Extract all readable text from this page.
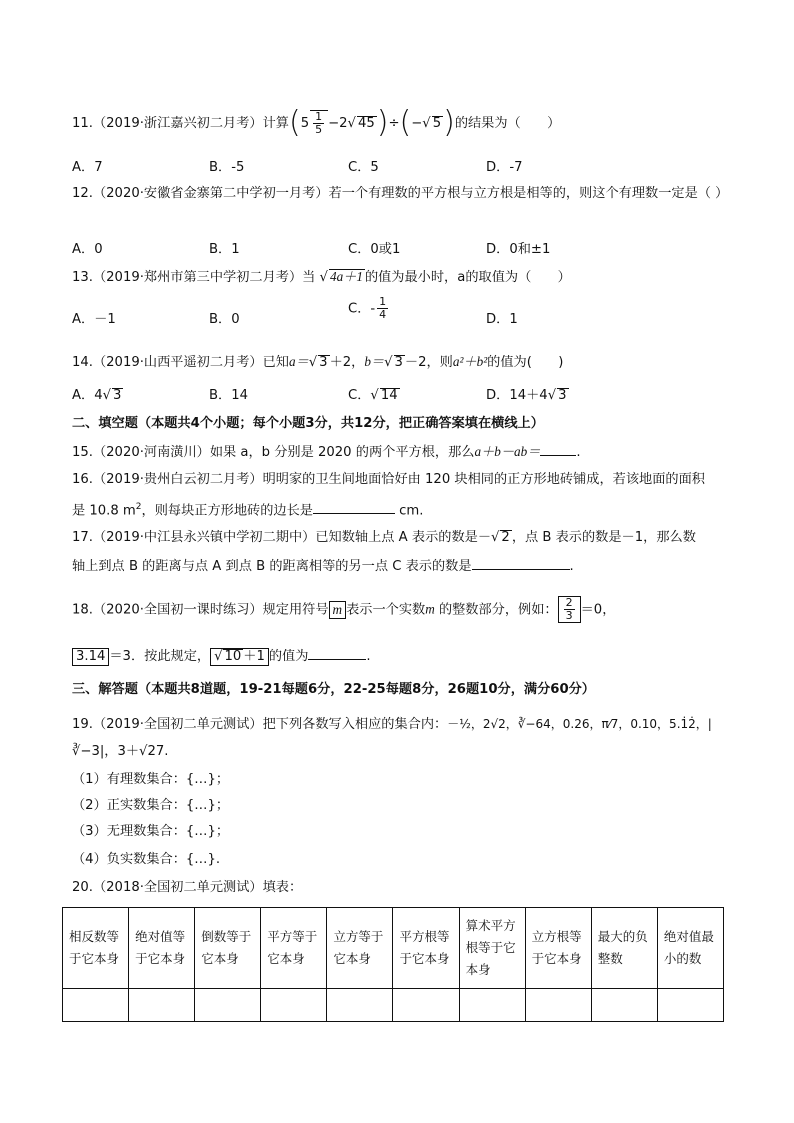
11.（2019·浙江嘉兴初二月考）计算($5 \frac{1}{5} -2√$ 45)÷(−√ 5)的结果为（　　）
A．7	B．-5	C．5	D．-7
12.（2020·安徽省金寨第二中学初一月考）若一个有理数的平方根与立方根是相等的，则这个有理数一定是（ ）
A．0	B．1	C．0或1	D．0和±1
13.（2019·郑州市第三中学初二月考）当 √ 4a＋1 的值为最小时，a的取值为（　　）
A．－1	B．0
C．- $\frac{1}{4}$	D．1
14.（2019·山西平遥初二月考）已知a＝√ 3 ＋2，b＝√ 3 －2，则a²＋b²的值为(　　)
A．4√ 3	B．14	C．√ 14	D．14＋4√ 3
二、填空题（本题共4个小题；每个小题3分，共12分，把正确答案填在横线上）
15.（2020·河南潢川）如果 a，b 分别是 2020 的两个平方根，那么a＋b－ab＝	.
16.（2019·贵州白云初二月考）明明家的卫生间地面恰好由 120 块相同的正方形地砖铺成，若该地面的面积
是 10.8 $m^2$，则每块正方形地砖的边长是	cm.
17.（2019·中江县永兴镇中学初二期中）已知数轴上点 A 表示的数是－√ 2 ，点 B 表示的数是－1，那么数
轴上到点 B 的距离与点 A 到点 B 的距离相等的另一点 C 表示的数是	.
18.（2020·全国初一课时练习）规定用符号 m 表示一个实数m 的整数部分，例如： $\frac{2}{3} =0$，
3.14 ＝3．按此规定， √ 10 ＋1 的值为	.
三、解答题（本题共8道题，19-21每题6分，22-25每题8分，26题10分，满分60分）
19.（2019·全国初二单元测试）把下列各数写入相应的集合内：－½，2√2，∛−64，0.26，π⁄7，0.10，5.1̇2̇，|
∛−3|，3＋√27.
（1）有理数集合：{…}；
（2）正实数集合：{…}；
（3）无理数集合：{…}；
（4）负实数集合：{…}.
20.（2018·全国初二单元测试）填表：
相反数等于它本身	绝对值等于它本身	倒数等于它本身	平方等于它本身	立方等于它本身	平方根等于它本身	算术平方根等于它本身	立方根等于它本身	最大的负整数	绝对值最小的数
